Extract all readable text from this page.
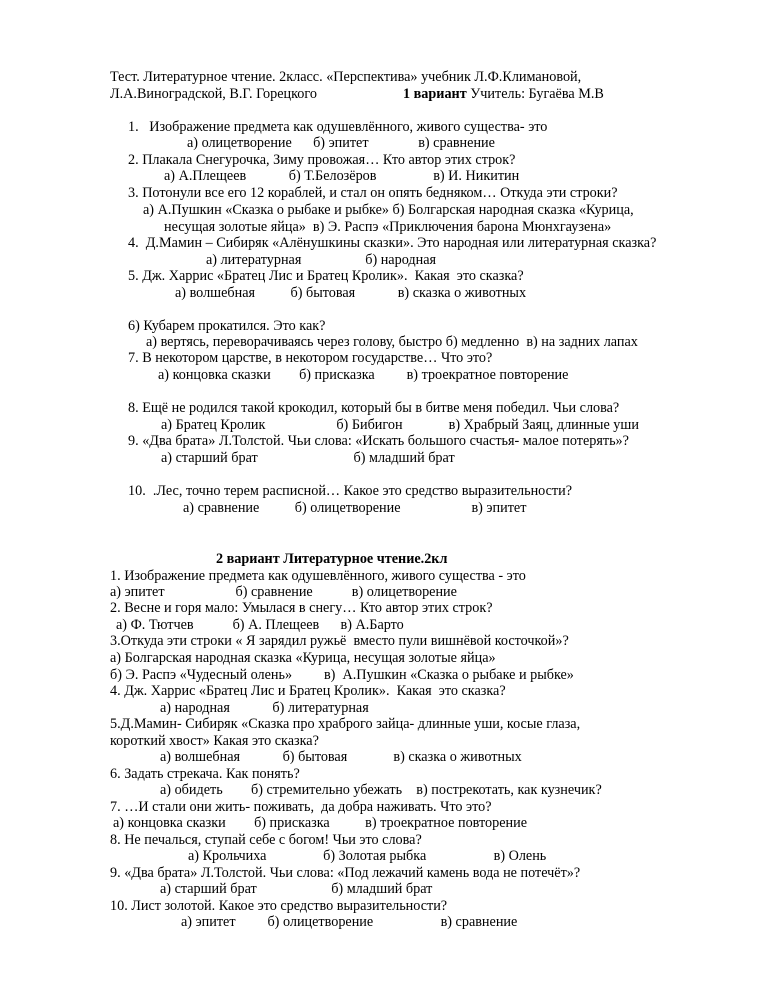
Тест. Литературное чтение. 2класс. «Перспектива» учебник Л.Ф.Климановой,
Л.А.Виноградской, В.Г. Горецкого	1 вариант Учитель: Бугаёва М.В
1.   Изображение предмета как одушевлённого, живого существа- это
а) олицетворение      б) эпитет              в) сравнение
2. Плакала Снегурочка, Зиму провожая… Кто автор этих строк?
а) А.Плещеев            б) Т.Белозёров                в) И. Никитин
3. Потонули все его 12 кораблей, и стал он опять бедняком… Откуда эти строки?
а) А.Пушкин «Сказка о рыбаке и рыбке» б) Болгарская народная сказка «Курица,
несущая золотые яйца»  в) Э. Распэ «Приключения барона Мюнхгаузена»
4.  Д.Мамин – Сибиряк «Алёнушкины сказки». Это народная или литературная сказка?
а) литературная                  б) народная
5. Дж. Харрис «Братец Лис и Братец Кролик».  Какая  это сказка?
а) волшебная          б) бытовая            в) сказка о животных
6) Кубарем прокатился. Это как?
а) вертясь, переворачиваясь через голову, быстро б) медленно  в) на задних лапах
7. В некотором царстве, в некотором государстве… Что это?
а) концовка сказки        б) присказка         в) троекратное повторение
8. Ещё не родился такой крокодил, который бы в битве меня победил. Чьи слова?
а) Братец Кролик                    б) Бибигон             в) Храбрый Заяц, длинные уши
9. «Два брата» Л.Толстой. Чьи слова: «Искать большого счастья- малое потерять»?
а) старший брат                           б) младший брат
10.  .Лес, точно терем расписной… Какое это средство выразительности?
а) сравнение          б) олицетворение                    в) эпитет
2 вариант Литературное чтение.2кл
1. Изображение предмета как одушевлённого, живого существа - это
а) эпитет                    б) сравнение           в) олицетворение
2. Весне и горя мало: Умылася в снегу… Кто автор этих строк?
а) Ф. Тютчев           б) А. Плещеев      в) А.Барто
3.Откуда эти строки « Я зарядил ружьё  вместо пули вишнёвой косточкой»?
а) Болгарская народная сказка «Курица, несущая золотые яйца»
б) Э. Распэ «Чудесный олень»         в)  А.Пушкин «Сказка о рыбаке и рыбке»
4. Дж. Харрис «Братец Лис и Братец Кролик».  Какая  это сказка?
а) народная            б) литературная
5.Д.Мамин- Сибиряк «Сказка про храброго зайца- длинные уши, косые глаза,
короткий хвост» Какая это сказка?
а) волшебная            б) бытовая             в) сказка о животных
6. Задать стрекача. Как понять?
а) обидеть        б) стремительно убежать    в) пострекотать, как кузнечик?
7. …И стали они жить- поживать,  да добра наживать. Что это?
а) концовка сказки        б) присказка          в) троекратное повторение
8. Не печалься, ступай себе с богом! Чьи это слова?
а) Крольчиха                б) Золотая рыбка                   в) Олень
9. «Два брата» Л.Толстой. Чьи слова: «Под лежачий камень вода не потечёт»?
а) старший брат                     б) младший брат
10. Лист золотой. Какое это средство выразительности?
а) эпитет         б) олицетворение                   в) сравнение
